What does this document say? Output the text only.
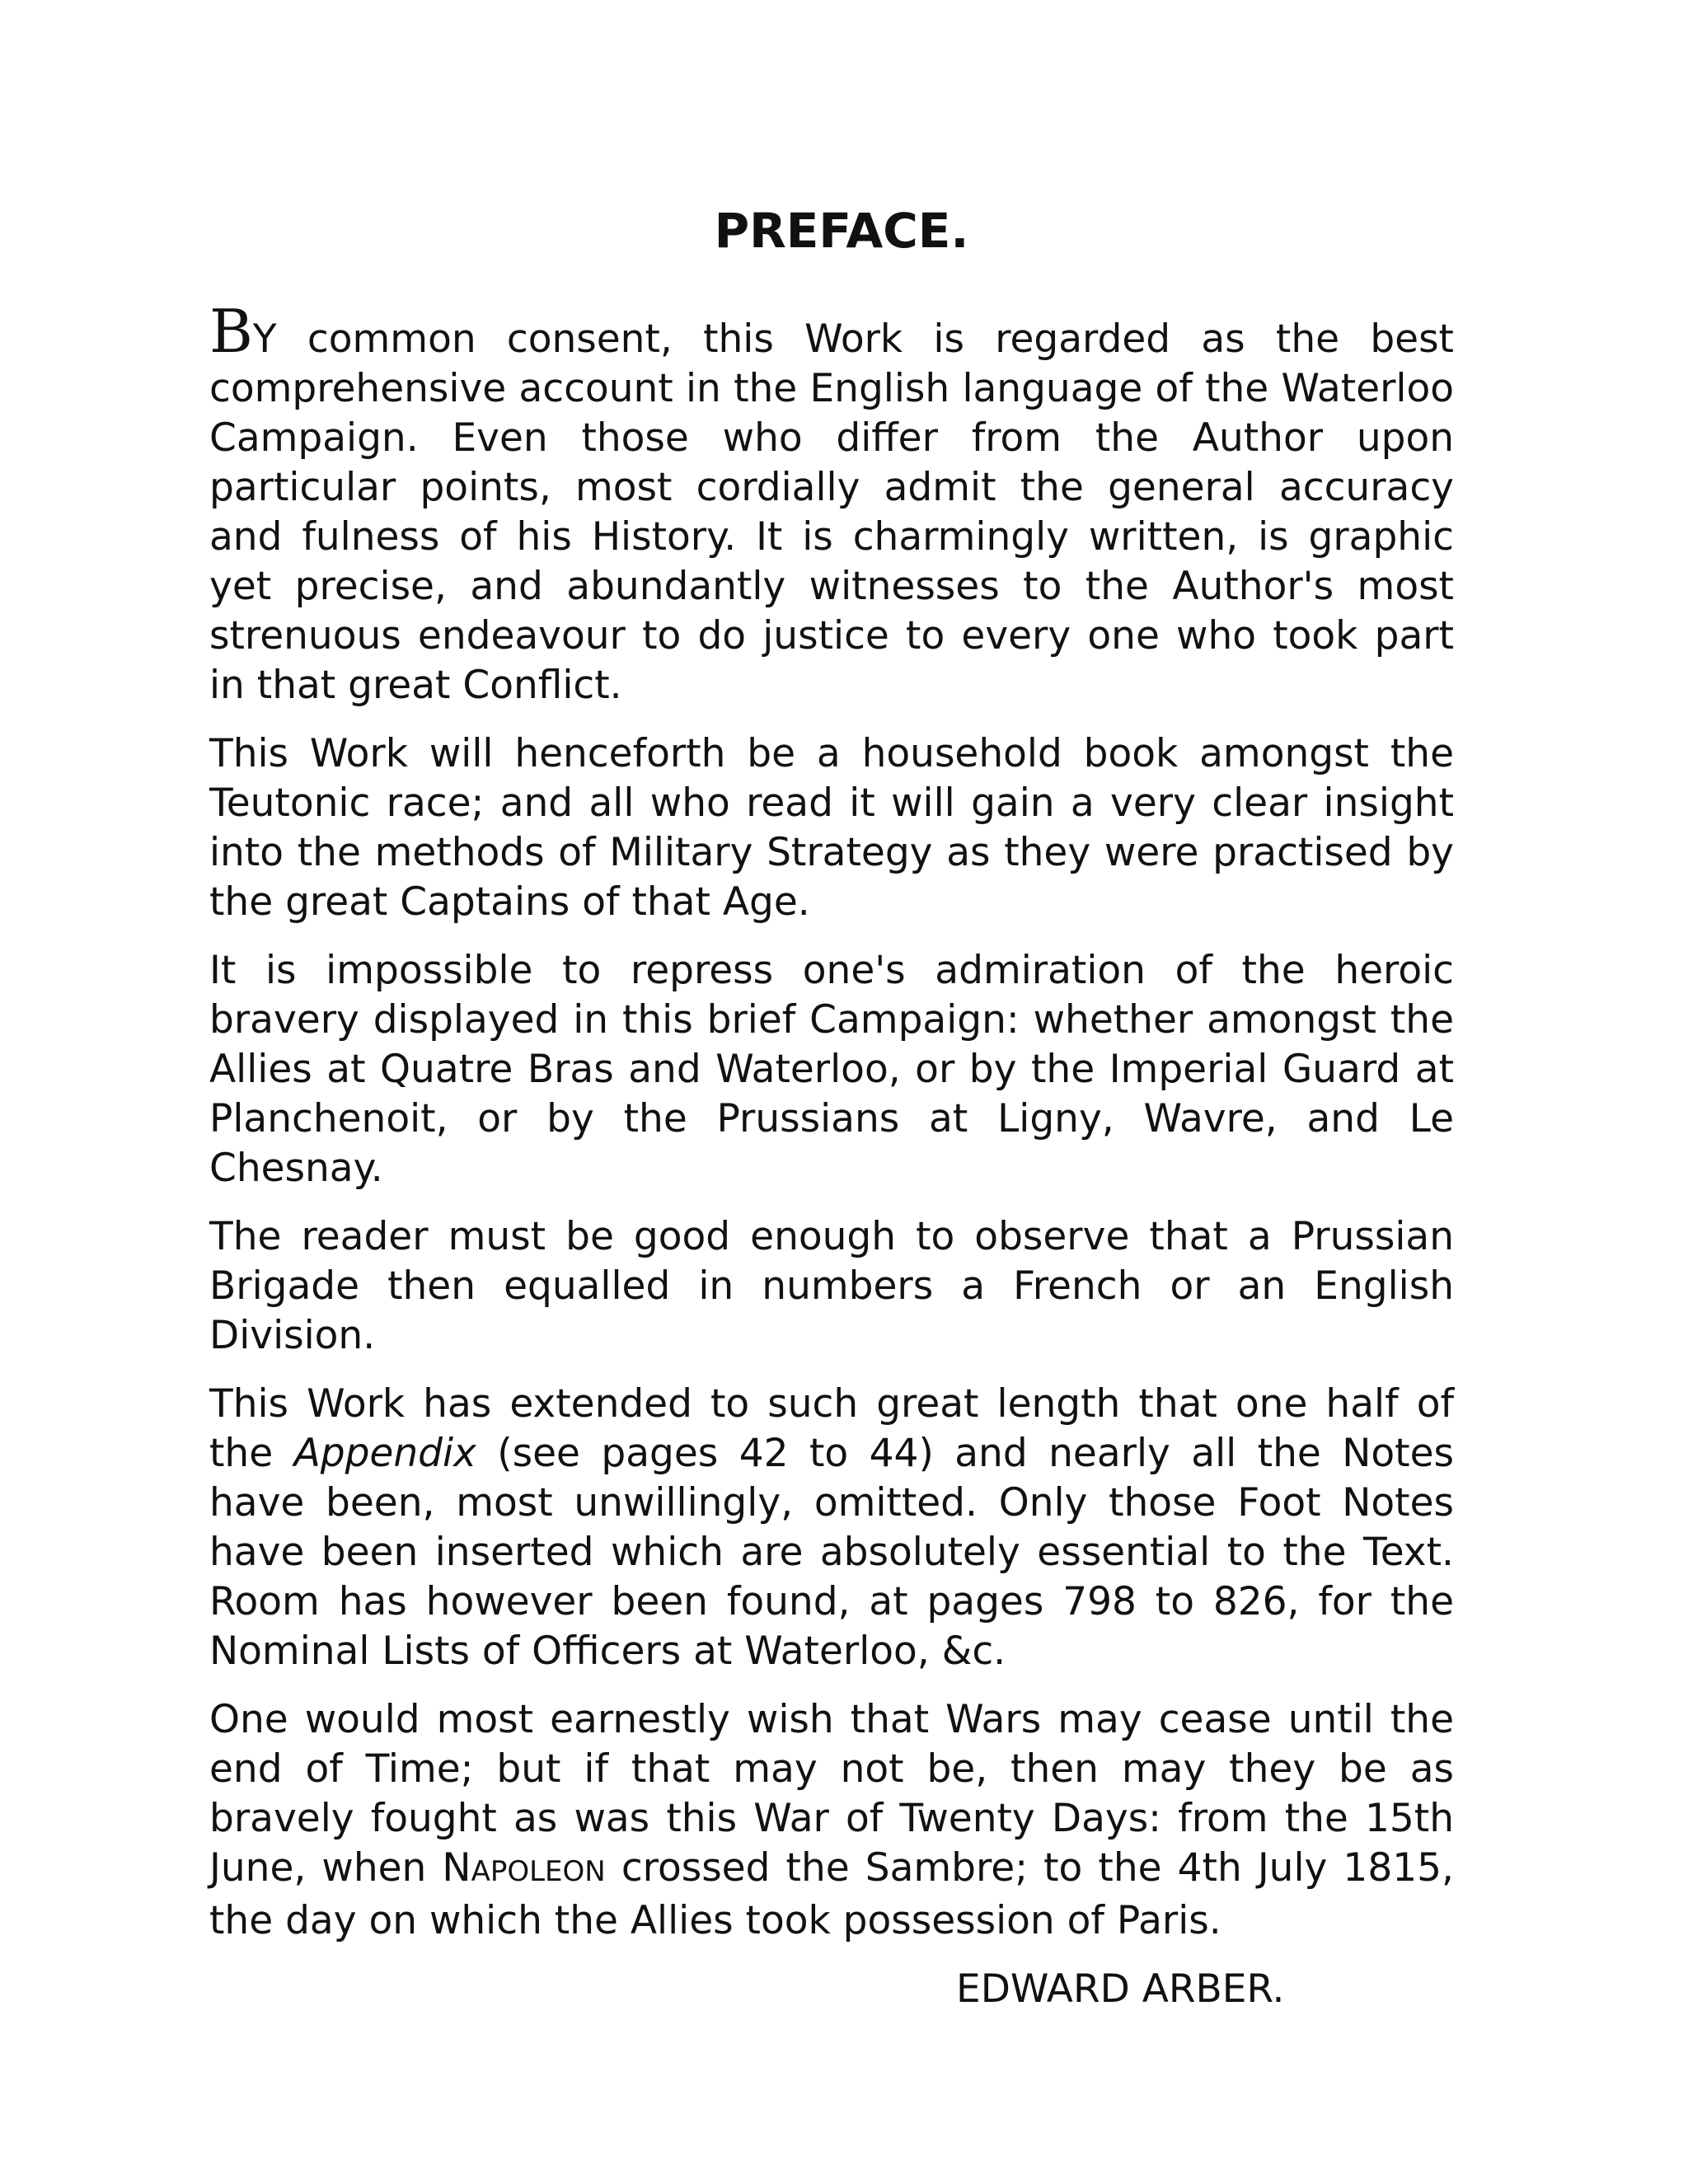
PREFACE.

BY common consent, this Work is regarded as the best comprehensive account in the English language of the Waterloo Campaign. Even those who differ from the Author upon particular points, most cordially admit the general accuracy and fulness of his History. It is charmingly written, is graphic yet precise, and abundantly witnesses to the Author's most strenuous endeavour to do justice to every one who took part in that great Conflict.

This Work will henceforth be a household book amongst the Teutonic race; and all who read it will gain a very clear insight into the methods of Military Strategy as they were practised by the great Captains of that Age.

It is impossible to repress one's admiration of the heroic bravery displayed in this brief Campaign: whether amongst the Allies at Quatre Bras and Waterloo, or by the Imperial Guard at Planchenoit, or by the Prussians at Ligny, Wavre, and Le Chesnay.

The reader must be good enough to observe that a Prussian Brigade then equalled in numbers a French or an English Division.

This Work has extended to such great length that one half of the Appendix (see pages 42 to 44) and nearly all the Notes have been, most unwillingly, omitted. Only those Foot Notes have been inserted which are absolutely essential to the Text. Room has however been found, at pages 798 to 826, for the Nominal Lists of Officers at Waterloo, &c.

One would most earnestly wish that Wars may cease until the end of Time; but if that may not be, then may they be as bravely fought as was this War of Twenty Days: from the 15th June, when NAPOLEON crossed the Sambre; to the 4th July 1815, the day on which the Allies took possession of Paris.

EDWARD ARBER.
